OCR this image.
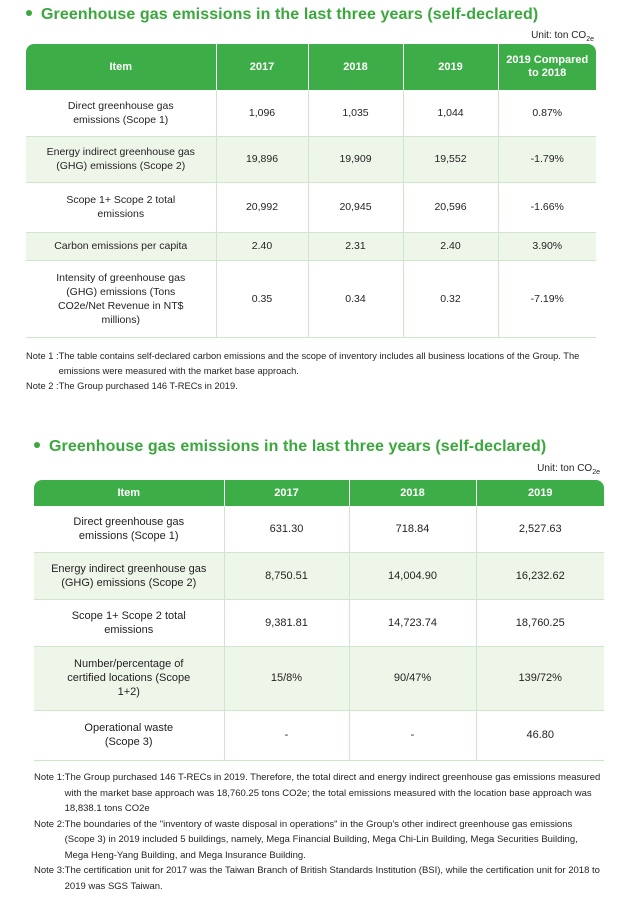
Greenhouse gas emissions in the last three years (self-declared)
Unit: ton $CO_{2e}$
Item	2017	2018	2019	2019 Compared to 2018
Direct greenhouse gas emissions (Scope 1)	1,096	1,035	1,044	0.87%
Energy indirect greenhouse gas (GHG) emissions (Scope 2)	19,896	19,909	19,552	-1.79%
Scope 1+ Scope 2 total emissions	20,992	20,945	20,596	-1.66%
Carbon emissions per capita	2.40	2.31	2.40	3.90%
Intensity of greenhouse gas (GHG) emissions (Tons CO2e/Net Revenue in NT$ millions)	0.35	0.34	0.32	-7.19%
Note 1 : The table contains self-declared carbon emissions and the scope of inventory includes all business locations of the Group. The emissions were measured with the market base approach.
Note 2 : The Group purchased 146 T-RECs in 2019.
Greenhouse gas emissions in the last three years (self-declared)
Unit: ton $CO_{2e}$
Item	2017	2018	2019
Direct greenhouse gas emissions (Scope 1)	631.30	718.84	2,527.63
Energy indirect greenhouse gas (GHG) emissions (Scope 2)	8,750.51	14,004.90	16,232.62
Scope 1+ Scope 2 total emissions	9,381.81	14,723.74	18,760.25
Number/percentage of certified locations (Scope 1+2)	15/8%	90/47%	139/72%
Operational waste (Scope 3)	-	-	46.80
Note 1: The Group purchased 146 T-RECs in 2019. Therefore, the total direct and energy indirect greenhouse gas emissions measured with the market base approach was 18,760.25 tons CO2e; the total emissions measured with the location base approach was 18,838.1 tons CO2e
Note 2: The boundaries of the "inventory of waste disposal in operations" in the Group's other indirect greenhouse gas emissions (Scope 3) in 2019 included 5 buildings, namely, Mega Financial Building, Mega Chi-Lin Building, Mega Securities Building, Mega Heng-Yang Building, and Mega Insurance Building.
Note 3: The certification unit for 2017 was the Taiwan Branch of British Standards Institution (BSI), while the certification unit for 2018 to 2019 was SGS Taiwan.
